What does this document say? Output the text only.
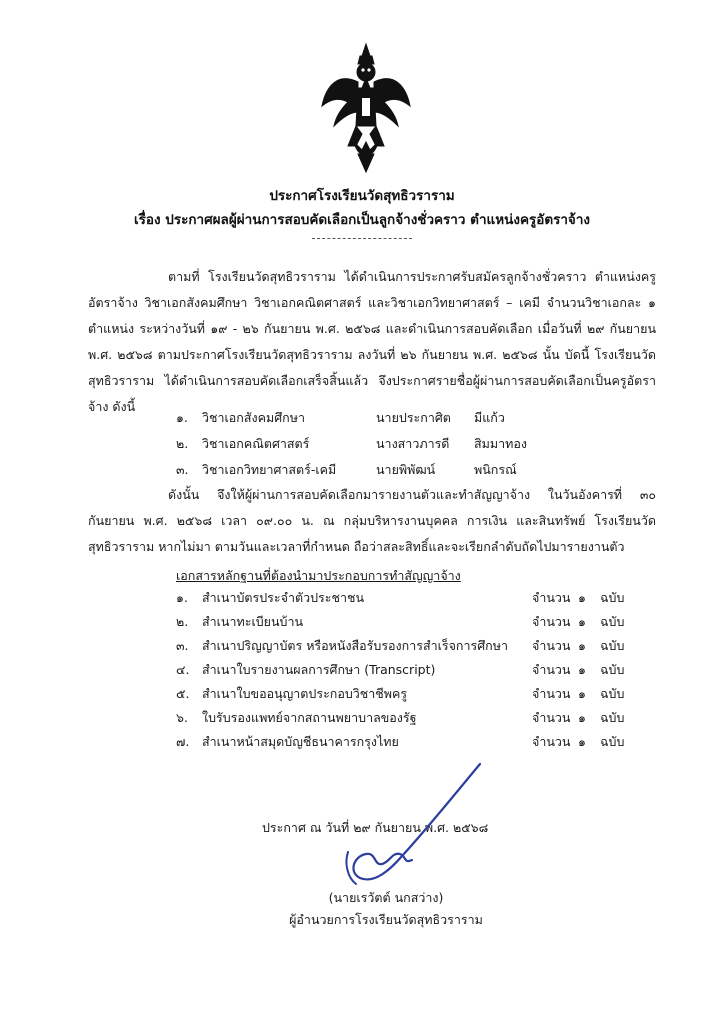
ประกาศโรงเรียนวัดสุทธิวราราม
เรื่อง ประกาศผลผู้ผ่านการสอบคัดเลือกเป็นลูกจ้างชั่วคราว ตำแหน่งครูอัตราจ้าง
ตามที่ โรงเรียนวัดสุทธิวราราม ได้ดำเนินการประกาศรับสมัครลูกจ้างชั่วคราว ตำแหน่งครูอัตราจ้าง วิชาเอกสังคมศึกษา วิชาเอกคณิตศาสตร์ และวิชาเอกวิทยาศาสตร์ – เคมี จำนวนวิชาเอกละ ๑ ตำแหน่ง ระหว่างวันที่ ๑๙ - ๒๖ กันยายน พ.ศ. ๒๕๖๘ และดำเนินการสอบคัดเลือก เมื่อวันที่ ๒๙ กันยายน พ.ศ. ๒๕๖๘ ตามประกาศโรงเรียนวัดสุทธิวราราม ลงวันที่ ๒๖ กันยายน พ.ศ. ๒๕๖๘ นั้น บัดนี้ โรงเรียนวัดสุทธิวราราม ได้ดำเนินการสอบคัดเลือกเสร็จสิ้นแล้ว จึงประกาศรายชื่อผู้ผ่านการสอบคัดเลือกเป็นครูอัตราจ้าง ดังนี้
๑. วิชาเอกสังคมศึกษา	นายประกาศิต มีแก้ว
๒. วิชาเอกคณิตศาสตร์	นางสาวภารดี สิมมาทอง
๓. วิชาเอกวิทยาศาสตร์-เคมี	นายพิพัฒน์	พนิกรณ์
ดังนั้น จึงให้ผู้ผ่านการสอบคัดเลือกมารายงานตัวและทำสัญญาจ้าง ในวันอังคารที่ ๓๐ กันยายน พ.ศ. ๒๕๖๘ เวลา ๐๙.๐๐ น. ณ กลุ่มบริหารงานบุคคล การเงิน และสินทรัพย์ โรงเรียนวัดสุทธิวราราม หากไม่มา ตามวันและเวลาที่กำหนด ถือว่าสละสิทธิ์และจะเรียกลำดับถัดไปมารายงานตัว
เอกสารหลักฐานที่ต้องนำมาประกอบการทำสัญญาจ้าง
๑. สำเนาบัตรประจำตัวประชาชน	จำนวน ๑ ฉบับ
๒. สำเนาทะเบียนบ้าน	จำนวน ๑ ฉบับ
๓. สำเนาปริญญาบัตร หรือหนังสือรับรองการสำเร็จการศึกษา จำนวน ๑ ฉบับ
๔. สำเนาใบรายงานผลการศึกษา (Transcript)	จำนวน ๑ ฉบับ
๕. สำเนาใบขออนุญาตประกอบวิชาชีพครู	จำนวน ๑ ฉบับ
๖. ใบรับรองแพทย์จากสถานพยาบาลของรัฐ	จำนวน ๑ ฉบับ
๗. สำเนาหน้าสมุดบัญชีธนาคารกรุงไทย	จำนวน ๑ ฉบับ
ประกาศ ณ วันที่ ๒๙ กันยายน พ.ศ. ๒๕๖๘
(นายเรวัตต์ นกสว่าง)
ผู้อำนวยการโรงเรียนวัดสุทธิวราราม
